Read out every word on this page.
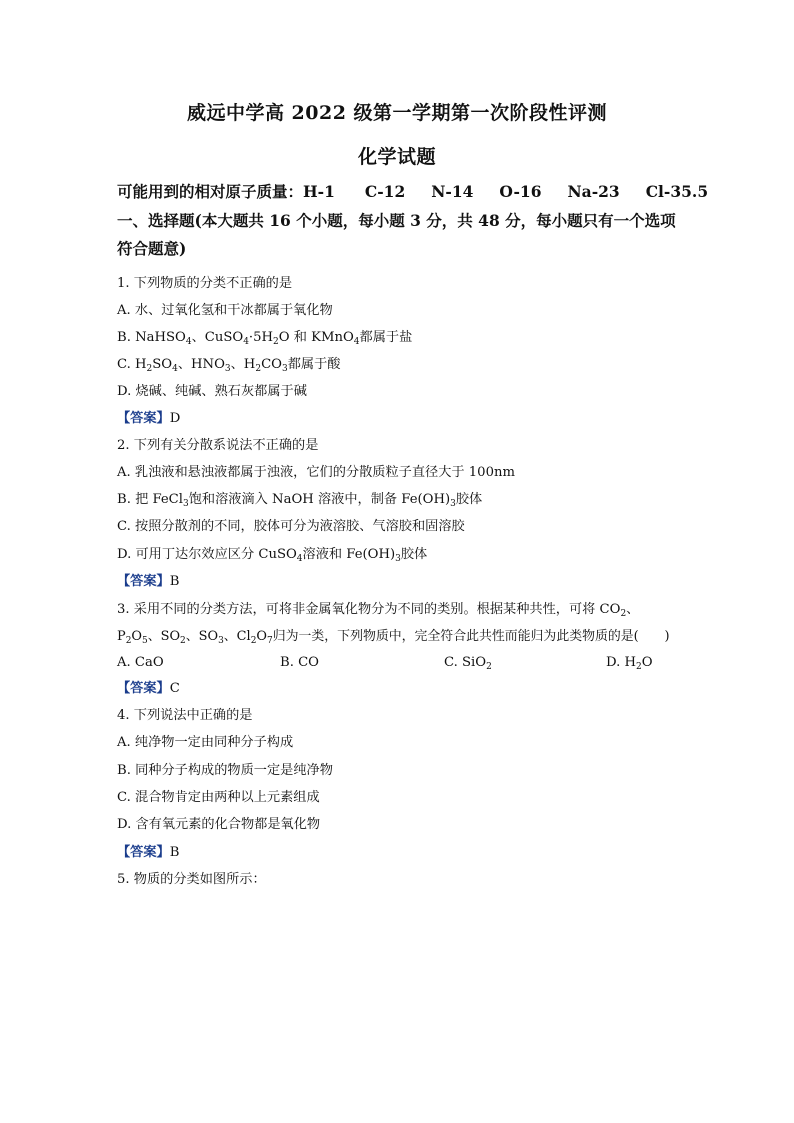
威远中学高 2022 级第一学期第一次阶段性评测
化学试题
可能用到的相对原子质量：H-1 C-12 N-14 O-16 Na-23 Cl-35.5
一、选择题(本大题共 16 个小题，每小题 3 分，共 48 分，每小题只有一个选项
符合题意)
1. 下列物质的分类不正确的是
A. 水、过氧化氢和干冰都属于氧化物
B. NaHSO$_4$、$CuSO_4\cdot 5H_2O$ 和 KMnO$_4$都属于盐
C. $H_2SO_4$、$HNO_3$、$H_2CO_3$都属于酸
D. 烧碱、纯碱、熟石灰都属于碱
【答案】D
2. 下列有关分散系说法不正确的是
A. 乳浊液和悬浊液都属于浊液，它们的分散质粒子直径大于 100nm
B. 把 FeCl$_3$饱和溶液滴入 NaOH 溶液中，制备 $Fe(OH)_3$胶体
C. 按照分散剂的不同，胶体可分为液溶胶、气溶胶和固溶胶
D. 可用丁达尔效应区分 CuSO$_4$溶液和 $Fe(OH)_3$胶体
【答案】B
3. 采用不同的分类方法，可将非金属氧化物分为不同的类别。根据某种共性，可将 $CO_2$、
$P_2O_5$、$SO_2$、$SO_3$、$Cl_2O_7$归为一类，下列物质中，完全符合此共性而能归为此类物质的是(　　)
A. CaO	B. CO	C. SiO$_2$	D. $H_2O$
【答案】C
4. 下列说法中正确的是
A. 纯净物一定由同种分子构成
B. 同种分子构成的物质一定是纯净物
C. 混合物肯定由两种以上元素组成
D. 含有氧元素的化合物都是氧化物
【答案】B
5. 物质的分类如图所示：
